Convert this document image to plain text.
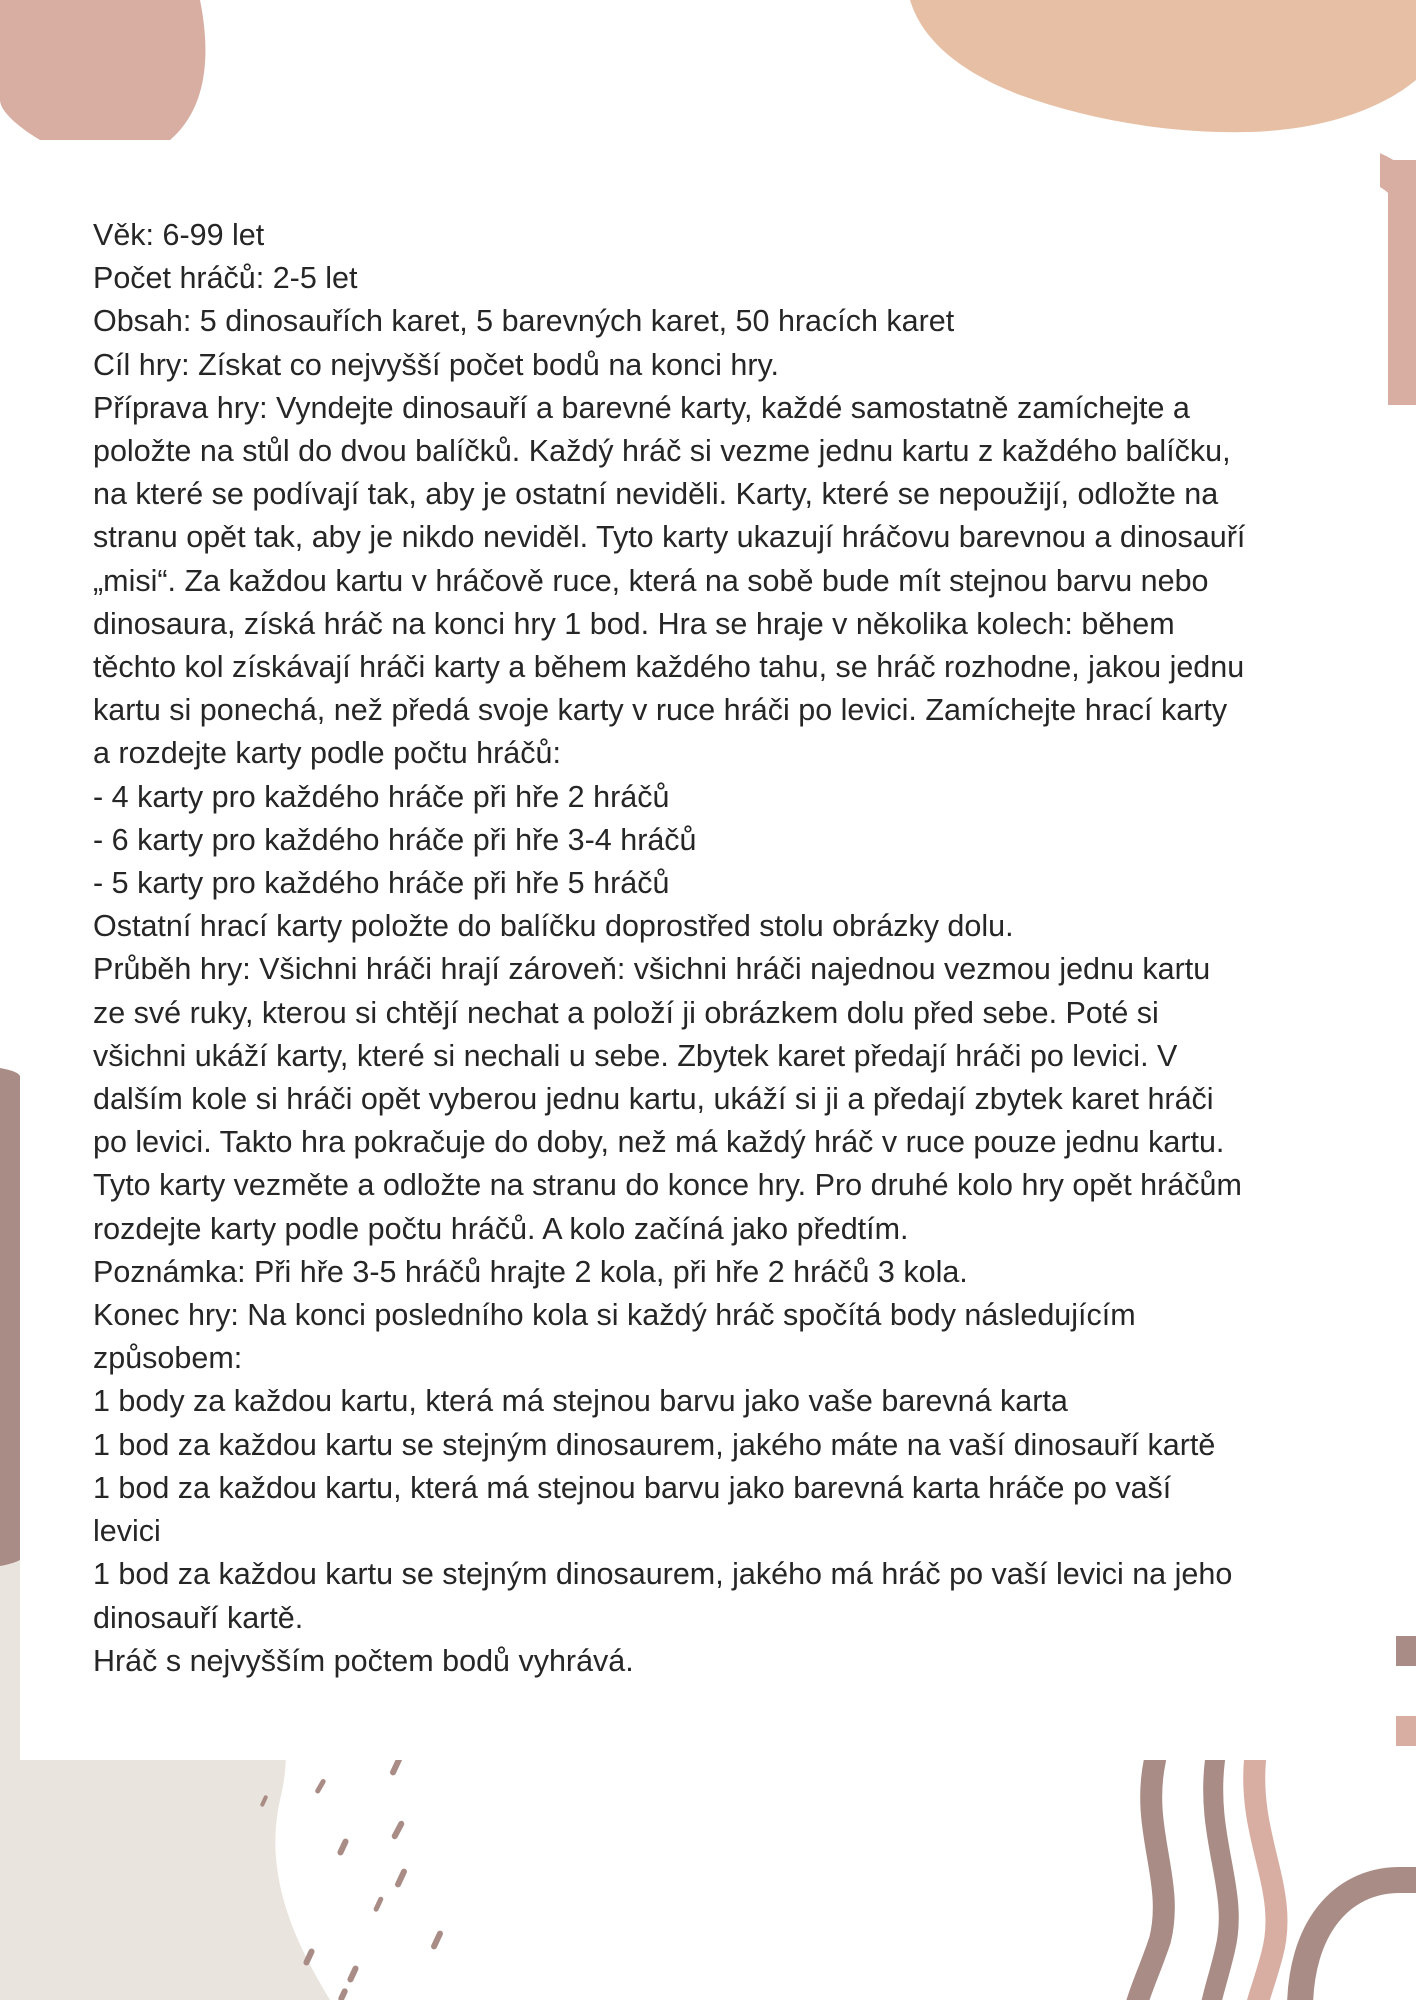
Věk: 6-99 let

Počet hráčů: 2-5 let

Obsah: 5 dinosauřích karet, 5 barevných karet, 50 hracích karet

Cíl hry: Získat co nejvyšší počet bodů na konci hry.

Příprava hry: Vyndejte dinosauří a barevné karty, každé samostatně zamíchejte a

položte na stůl do dvou balíčků. Každý hráč si vezme jednu kartu z každého balíčku,

na které se podívají tak, aby je ostatní neviděli. Karty, které se nepoužijí, odložte na

stranu opět tak, aby je nikdo neviděl. Tyto karty ukazují hráčovu barevnou a dinosauří

„misi“. Za každou kartu v hráčově ruce, která na sobě bude mít stejnou barvu nebo

dinosaura, získá hráč na konci hry 1 bod. Hra se hraje v několika kolech: během

těchto kol získávají hráči karty a během každého tahu, se hráč rozhodne, jakou jednu

kartu si ponechá, než předá svoje karty v ruce hráči po levici. Zamíchejte hrací karty

a rozdejte karty podle počtu hráčů:

- 4 karty pro každého hráče při hře 2 hráčů

- 6 karty pro každého hráče při hře 3-4 hráčů

- 5 karty pro každého hráče při hře 5 hráčů

Ostatní hrací karty položte do balíčku doprostřed stolu obrázky dolu.

Průběh hry: Všichni hráči hrají zároveň: všichni hráči najednou vezmou jednu kartu

ze své ruky, kterou si chtějí nechat a položí ji obrázkem dolu před sebe. Poté si

všichni ukáží karty, které si nechali u sebe. Zbytek karet předají hráči po levici. V

dalším kole si hráči opět vyberou jednu kartu, ukáží si ji a předají zbytek karet hráči

po levici. Takto hra pokračuje do doby, než má každý hráč v ruce pouze jednu kartu.

Tyto karty vezměte a odložte na stranu do konce hry. Pro druhé kolo hry opět hráčům

rozdejte karty podle počtu hráčů. A kolo začíná jako předtím.

Poznámka: Při hře 3-5 hráčů hrajte 2 kola, při hře 2 hráčů 3 kola.

Konec hry: Na konci posledního kola si každý hráč spočítá body následujícím

způsobem:

1 body za každou kartu, která má stejnou barvu jako vaše barevná karta

1 bod za každou kartu se stejným dinosaurem, jakého máte na vaší dinosauří kartě

1 bod za každou kartu, která má stejnou barvu jako barevná karta hráče po vaší

levici

1 bod za každou kartu se stejným dinosaurem, jakého má hráč po vaší levici na jeho

dinosauří kartě.

Hráč s nejvyšším počtem bodů vyhrává.
